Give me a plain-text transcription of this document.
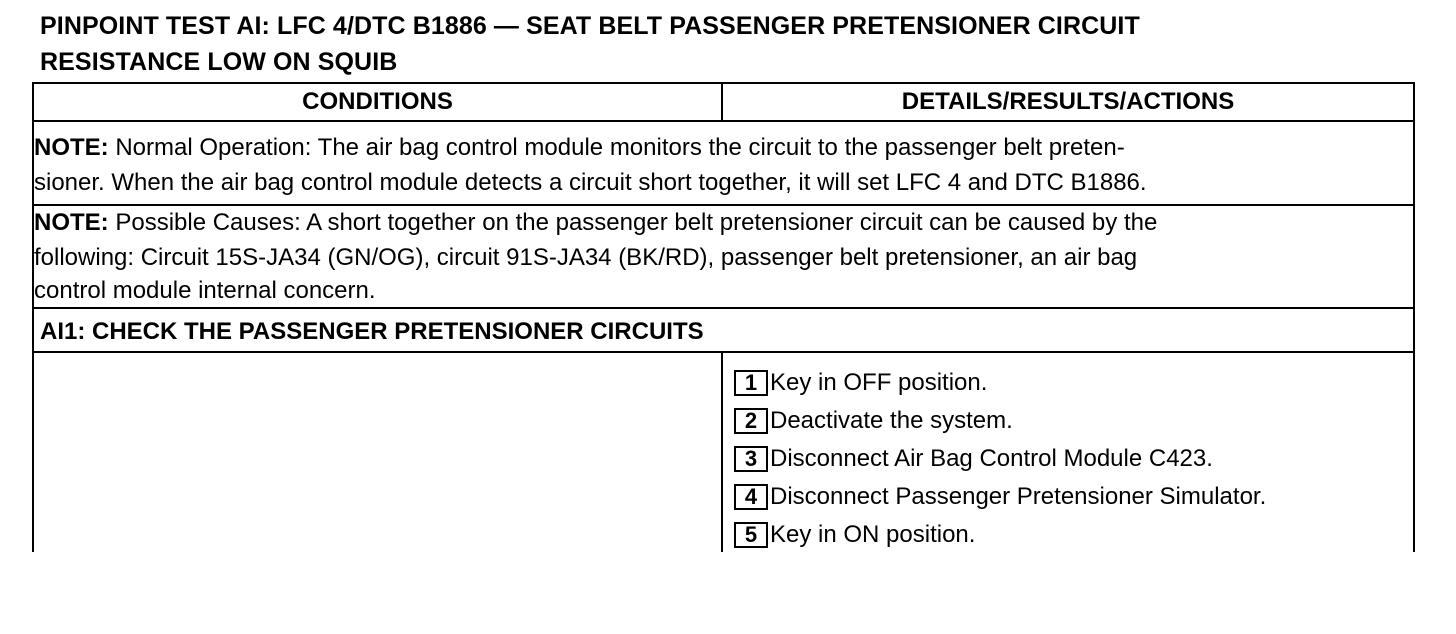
PINPOINT TEST AI: LFC 4/DTC B1886 — SEAT BELT PASSENGER PRETENSIONER CIRCUIT
RESISTANCE LOW ON SQUIB
CONDITIONS	DETAILS/RESULTS/ACTIONS
NOTE: Normal Operation: The air bag control module monitors the circuit to the passenger belt preten-
sioner. When the air bag control module detects a circuit short together, it will set LFC 4 and DTC B1886.
NOTE: Possible Causes: A short together on the passenger belt pretensioner circuit can be caused by the
following: Circuit 15S-JA34 (GN/OG), circuit 91S-JA34 (BK/RD), passenger belt pretensioner, an air bag
control module internal concern.
AI1: CHECK THE PASSENGER PRETENSIONER CIRCUITS
1 Key in OFF position.
2 Deactivate the system.
3 Disconnect Air Bag Control Module C423.
4 Disconnect Passenger Pretensioner Simulator.
5 Key in ON position.
